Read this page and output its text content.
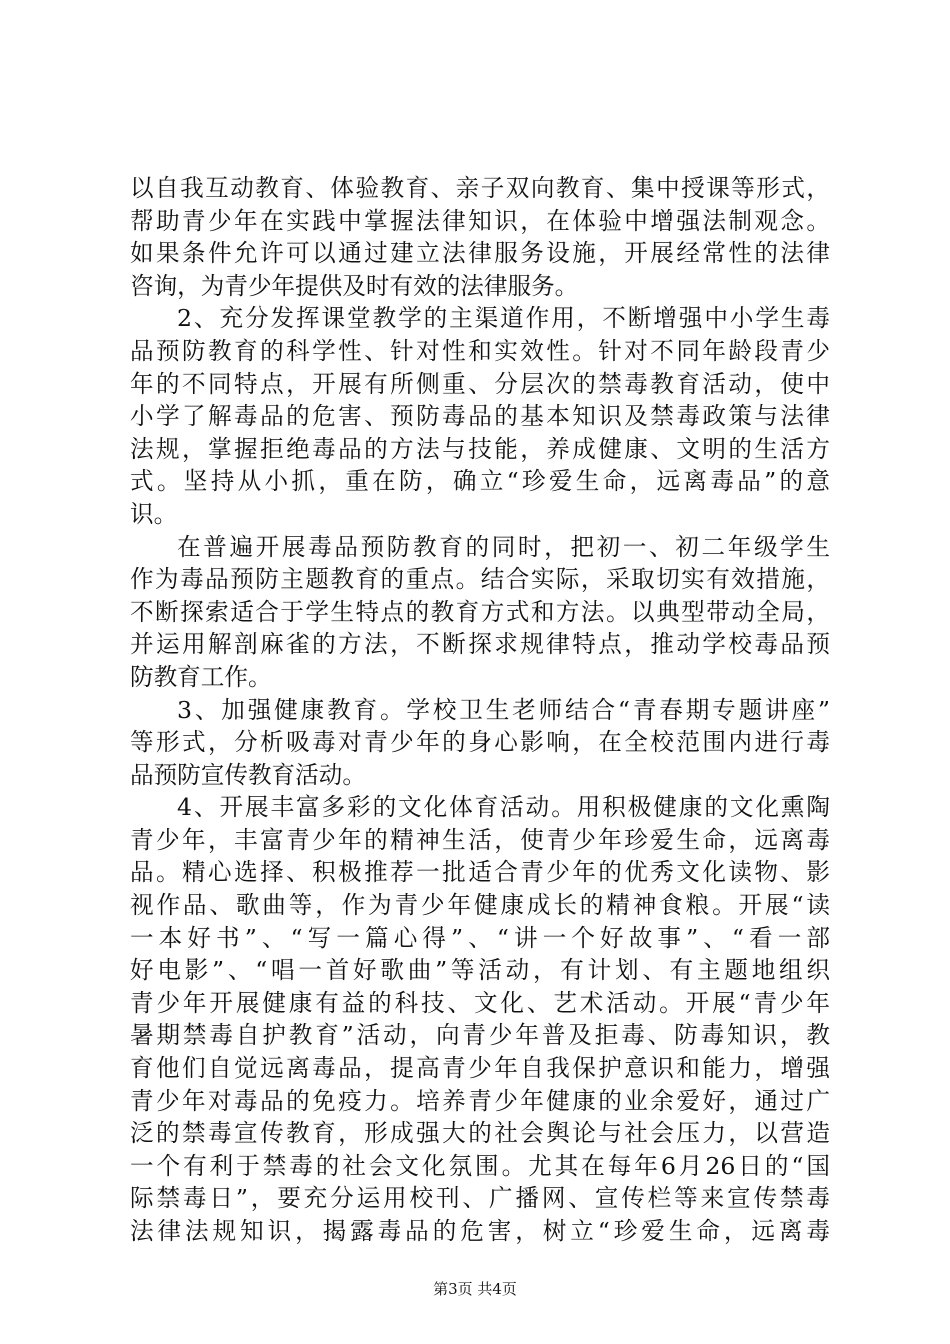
以自我互动教育、体验教育、亲子双向教育、集中授课等形式，
帮助青少年在实践中掌握法律知识，在体验中增强法制观念。
如果条件允许可以通过建立法律服务设施，开展经常性的法律
咨询，为青少年提供及时有效的法律服务。
2、充分发挥课堂教学的主渠道作用，不断增强中小学生毒
品预防教育的科学性、针对性和实效性。针对不同年龄段青少
年的不同特点，开展有所侧重、分层次的禁毒教育活动，使中
小学了解毒品的危害、预防毒品的基本知识及禁毒政策与法律
法规，掌握拒绝毒品的方法与技能，养成健康、文明的生活方
式。坚持从小抓，重在防，确立“珍爱生命，远离毒品”的意
识。
在普遍开展毒品预防教育的同时，把初一、初二年级学生
作为毒品预防主题教育的重点。结合实际，采取切实有效措施，
不断探索适合于学生特点的教育方式和方法。以典型带动全局，
并运用解剖麻雀的方法，不断探求规律特点，推动学校毒品预
防教育工作。
3、加强健康教育。学校卫生老师结合“青春期专题讲座”
等形式，分析吸毒对青少年的身心影响，在全校范围内进行毒
品预防宣传教育活动。
4、开展丰富多彩的文化体育活动。用积极健康的文化熏陶
青少年，丰富青少年的精神生活，使青少年珍爱生命，远离毒
品。精心选择、积极推荐一批适合青少年的优秀文化读物、影
视作品、歌曲等，作为青少年健康成长的精神食粮。开展“读
一本好书”、“写一篇心得”、“讲一个好故事”、“看一部
好电影”、“唱一首好歌曲”等活动，有计划、有主题地组织
青少年开展健康有益的科技、文化、艺术活动。开展“青少年
暑期禁毒自护教育”活动，向青少年普及拒毒、防毒知识，教
育他们自觉远离毒品，提高青少年自我保护意识和能力，增强
青少年对毒品的免疫力。培养青少年健康的业余爱好，通过广
泛的禁毒宣传教育，形成强大的社会舆论与社会压力，以营造
一个有利于禁毒的社会文化氛围。尤其在每年6月26日的“国
际禁毒日”，要充分运用校刊、广播网、宣传栏等来宣传禁毒
法律法规知识，揭露毒品的危害，树立“珍爱生命，远离毒
第3页 共4页
